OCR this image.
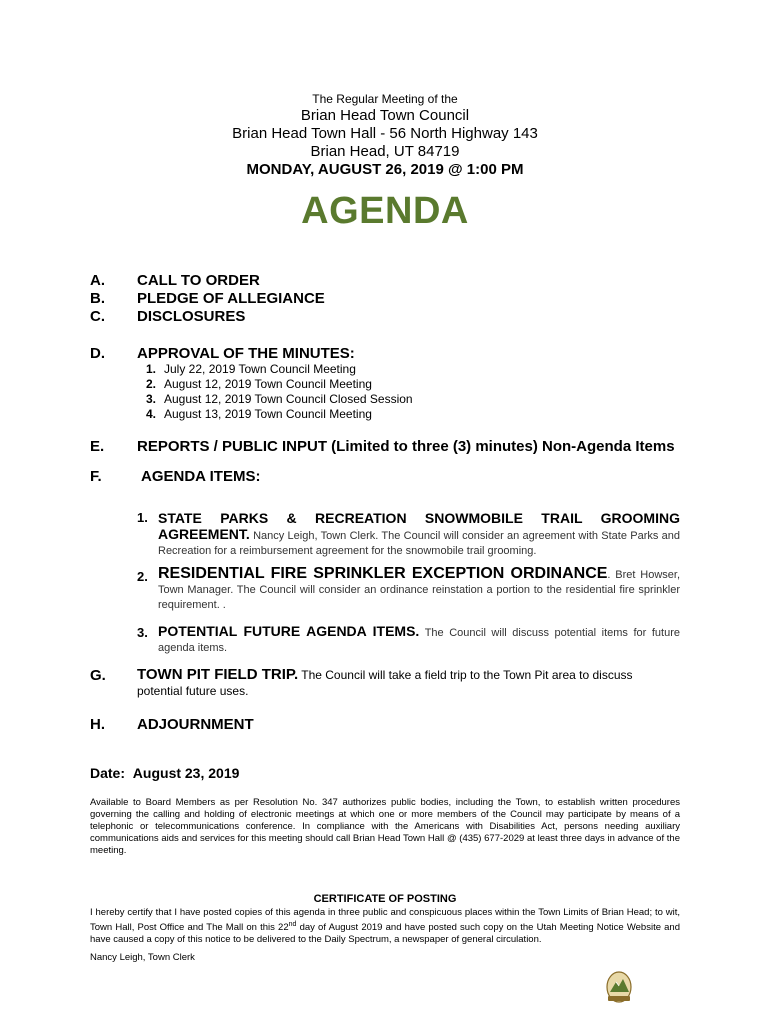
The Regular Meeting of the
Brian Head Town Council
Brian Head Town Hall - 56 North Highway 143
Brian Head, UT 84719
MONDAY, AUGUST 26, 2019 @ 1:00 PM
AGENDA
A. CALL TO ORDER
B. PLEDGE OF ALLEGIANCE
C. DISCLOSURES
D. APPROVAL OF THE MINUTES:
1. July 22, 2019 Town Council Meeting
2. August 12, 2019 Town Council Meeting
3. August 12, 2019 Town Council Closed Session
4. August 13, 2019 Town Council Meeting
E. REPORTS / PUBLIC INPUT (Limited to three (3) minutes) Non-Agenda Items
F.	AGENDA ITEMS:
1. STATE PARKS & RECREATION SNOWMOBILE TRAIL GROOMING
AGREEMENT. Nancy Leigh, Town Clerk. The Council will consider an agreement with State Parks and Recreation for a reimbursement agreement for the snowmobile trail grooming.
2. RESIDENTIAL FIRE SPRINKLER EXCEPTION ORDINANCE. Bret Howser, Town Manager. The Council will consider an ordinance reinstation a portion to the residential fire sprinkler requirement. .
3. POTENTIAL FUTURE AGENDA ITEMS. The Council will discuss potential items for future agenda items.
G. TOWN PIT FIELD TRIP. The Council will take a field trip to the Town Pit area to discuss potential future uses.
H. ADJOURNMENT
Date: August 23, 2019
Available to Board Members as per Resolution No. 347 authorizes public bodies, including the Town, to establish written procedures governing the calling and holding of electronic meetings at which one or more members of the Council may participate by means of a telephonic or telecommunications conference. In compliance with the Americans with Disabilities Act, persons needing auxiliary communications aids and services for this meeting should call Brian Head Town Hall @ (435) 677-2029 at least three days in advance of the meeting.
CERTIFICATE OF POSTING
I hereby certify that I have posted copies of this agenda in three public and conspicuous places within the Town Limits of Brian Head; to wit, Town Hall, Post Office and The Mall on this 22nd day of August 2019 and have posted such copy on the Utah Meeting Notice Website and have caused a copy of this notice to be delivered to the Daily Spectrum, a newspaper of general circulation.
Nancy Leigh, Town Clerk
